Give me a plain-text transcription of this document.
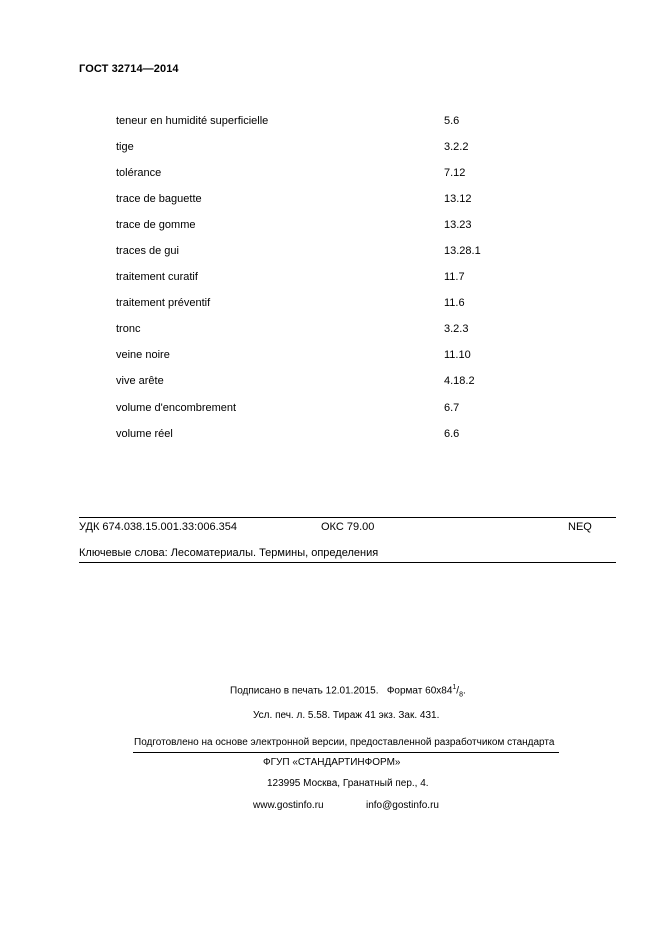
ГОСТ 32714—2014
teneur en humidité superficielle	5.6
tige	3.2.2
tolérance	7.12
trace de baguette	13.12
trace de gomme	13.23
traces de gui	13.28.1
traitement curatif	11.7
traitement préventif	11.6
tronc	3.2.3
veine noire	11.10
vive arête	4.18.2
volume d'encombrement	6.7
volume réel	6.6
УДК 674.038.15.001.33:006.354	ОКС 79.00	NEQ
Ключевые слова: Лесоматериалы. Термины, определения
Подписано в печать 12.01.2015. Формат $60х84^1/_8$.
Усл. печ. л. 5.58. Тираж 41 экз. Зак. 431.
Подготовлено на основе электронной версии, предоставленной разработчиком стандарта
ФГУП «СТАНДАРТИНФОРМ»
123995 Москва, Гранатный пер., 4.
www.gostinfo.ru	info@gostinfo.ru
